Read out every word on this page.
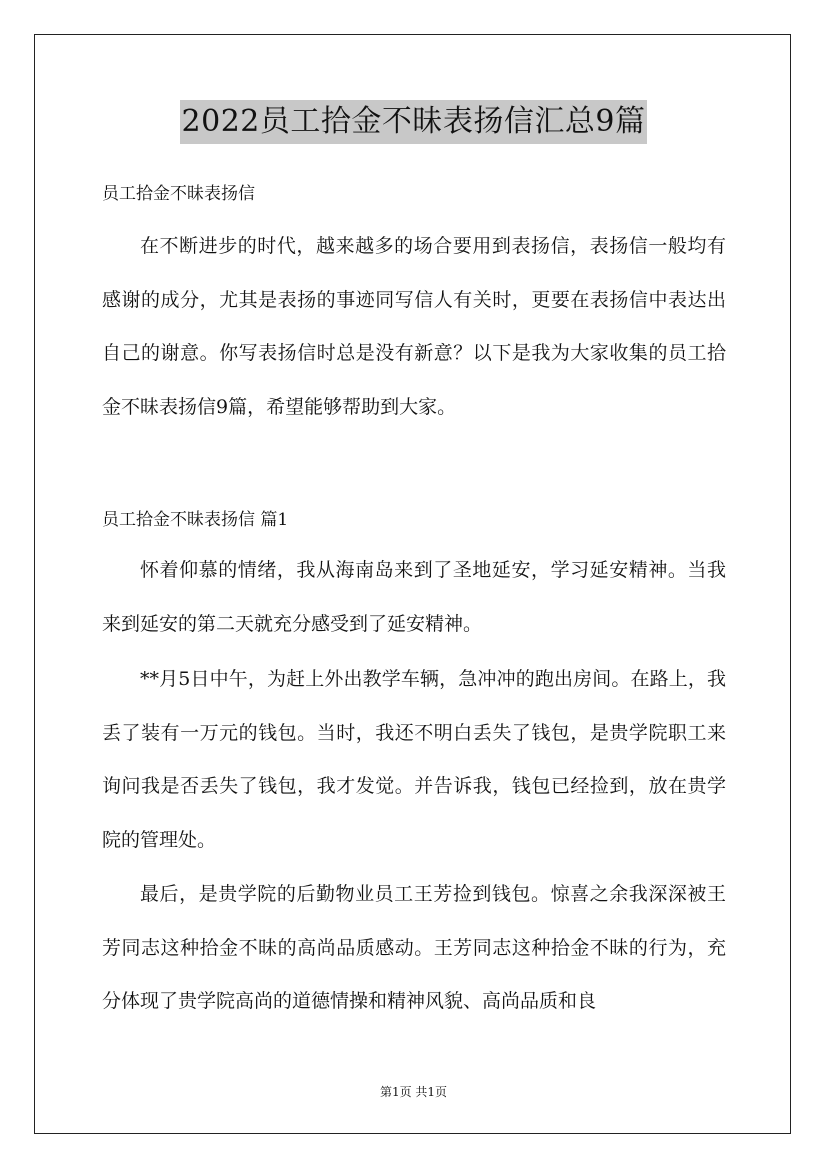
2022员工拾金不昧表扬信汇总9篇
员工拾金不昧表扬信

在不断进步的时代，越来越多的场合要用到表扬信，表扬信一般均有感谢的成分，尤其是表扬的事迹同写信人有关时，更要在表扬信中表达出自己的谢意。你写表扬信时总是没有新意？以下是我为大家收集的员工拾金不昧表扬信9篇，希望能够帮助到大家。

员工拾金不昧表扬信 篇1

怀着仰慕的情绪，我从海南岛来到了圣地延安，学习延安精神。当我来到延安的第二天就充分感受到了延安精神。

**月5日中午，为赶上外出教学车辆，急冲冲的跑出房间。在路上，我丢了装有一万元的钱包。当时，我还不明白丢失了钱包，是贵学院职工来询问我是否丢失了钱包，我才发觉。并告诉我，钱包已经捡到，放在贵学院的管理处。

最后，是贵学院的后勤物业员工王芳捡到钱包。惊喜之余我深深被王芳同志这种拾金不昧的高尚品质感动。王芳同志这种拾金不昧的行为，充分体现了贵学院高尚的道德情操和精神风貌、高尚品质和良

第1页 共1页
